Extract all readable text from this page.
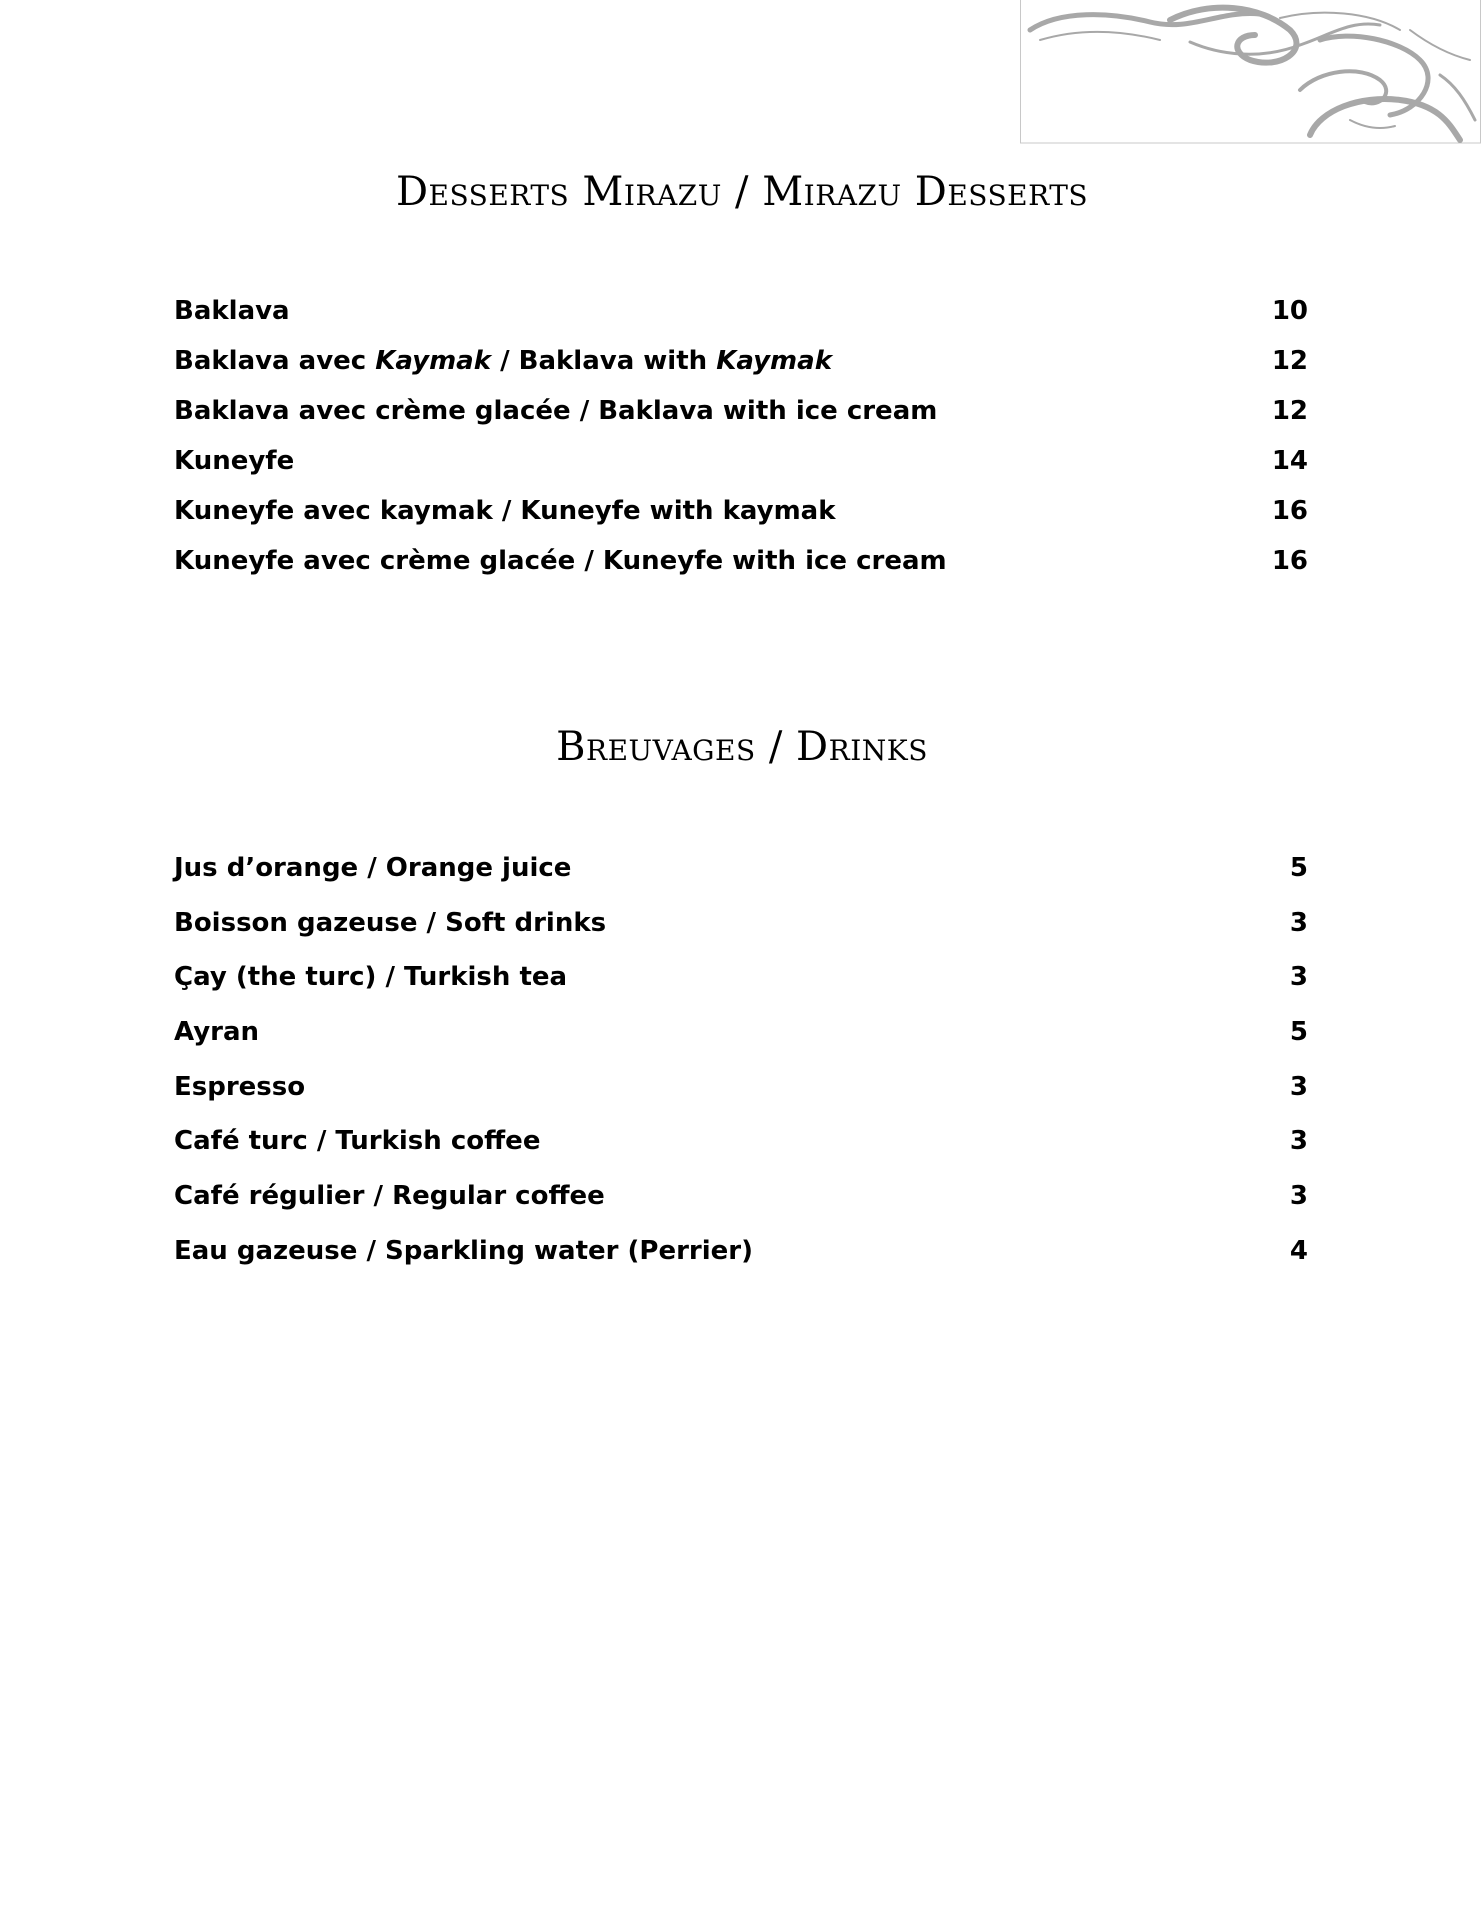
Desserts Mirazu / Mirazu Desserts
Baklava	10
Baklava avec Kaymak / Baklava with Kaymak	12
Baklava avec crème glacée / Baklava with ice cream	12
Kuneyfe	14
Kuneyfe avec kaymak / Kuneyfe with kaymak	16
Kuneyfe avec crème glacée / Kuneyfe with ice cream	16
Breuvages / Drinks
Jus d’orange / Orange juice	5
Boisson gazeuse / Soft drinks	3
Çay (the turc) / Turkish tea	3
Ayran	5
Espresso	3
Café turc / Turkish coffee	3
Café régulier / Regular coffee	3
Eau gazeuse / Sparkling water (Perrier)	4
